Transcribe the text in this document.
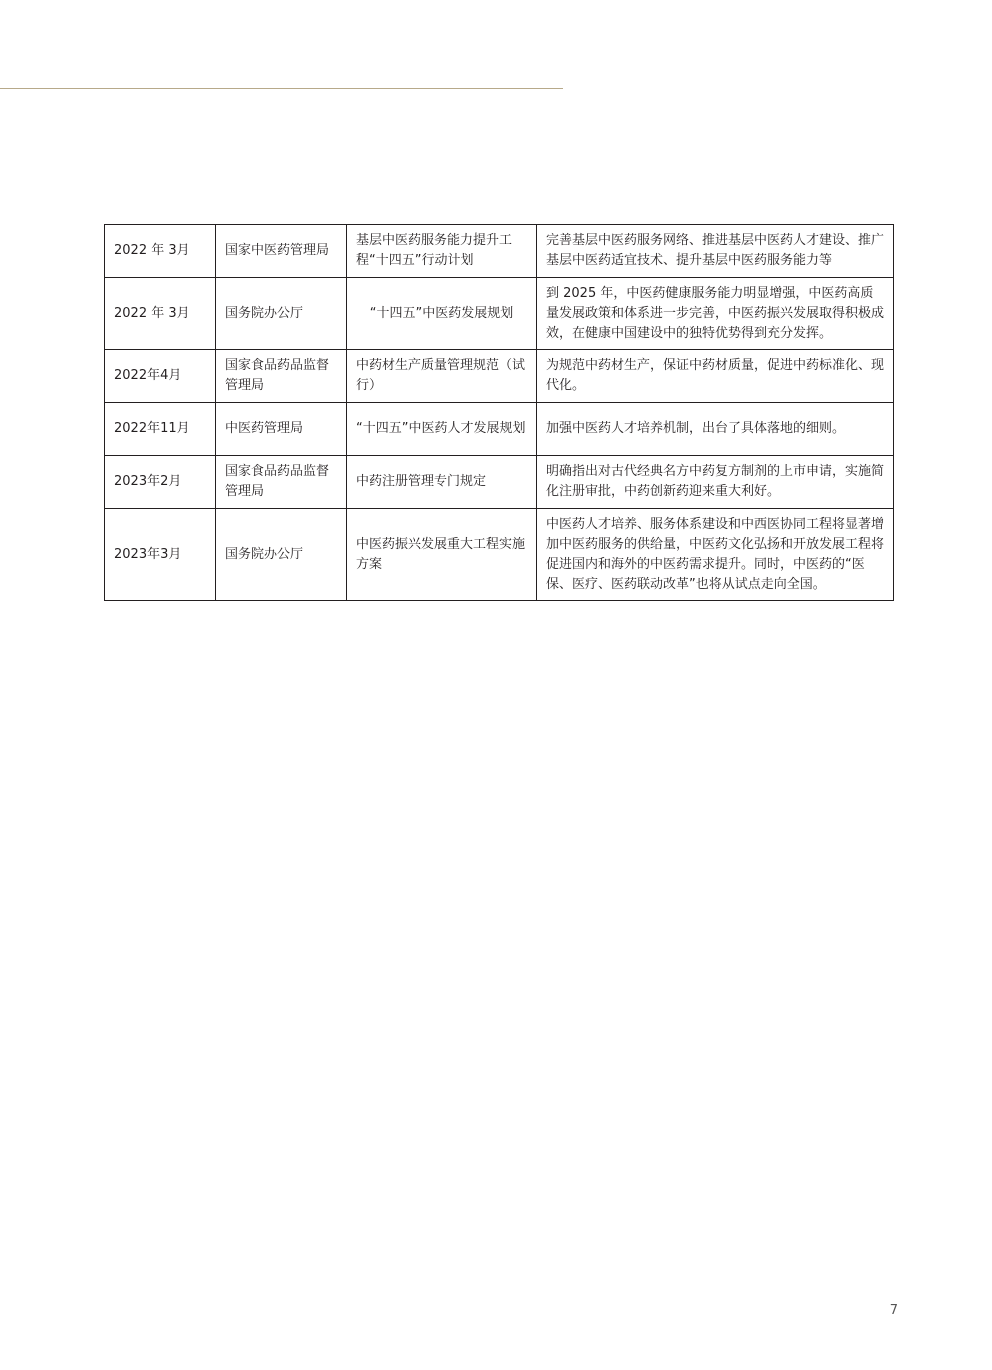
2022 年 3月	国家中医药管理局	基层中医药服务能力提升工程“十四五”行动计划	完善基层中医药服务网络、推进基层中医药人才建设、推广基层中医药适宜技术、提升基层中医药服务能力等
2022 年 3月	国务院办公厅	“十四五”中医药发展规划	到 2025 年，中医药健康服务能力明显增强，中医药高质量发展政策和体系进一步完善，中医药振兴发展取得积极成效，在健康中国建设中的独特优势得到充分发挥。
2022年4月	国家食品药品监督管理局	中药材生产质量管理规范（试行）	为规范中药材生产，保证中药材质量，促进中药标准化、现代化。
2022年11月	中医药管理局	“十四五”中医药人才发展规划	加强中医药人才培养机制，出台了具体落地的细则。
2023年2月	国家食品药品监督管理局	中药注册管理专门规定	明确指出对古代经典名方中药复方制剂的上市申请，实施简化注册审批，中药创新药迎来重大利好。
2023年3月	国务院办公厅	中医药振兴发展重大工程实施方案	中医药人才培养、服务体系建设和中西医协同工程将显著增加中医药服务的供给量，中医药文化弘扬和开放发展工程将促进国内和海外的中医药需求提升。同时，中医药的“医保、医疗、医药联动改革”也将从试点走向全国。
7
